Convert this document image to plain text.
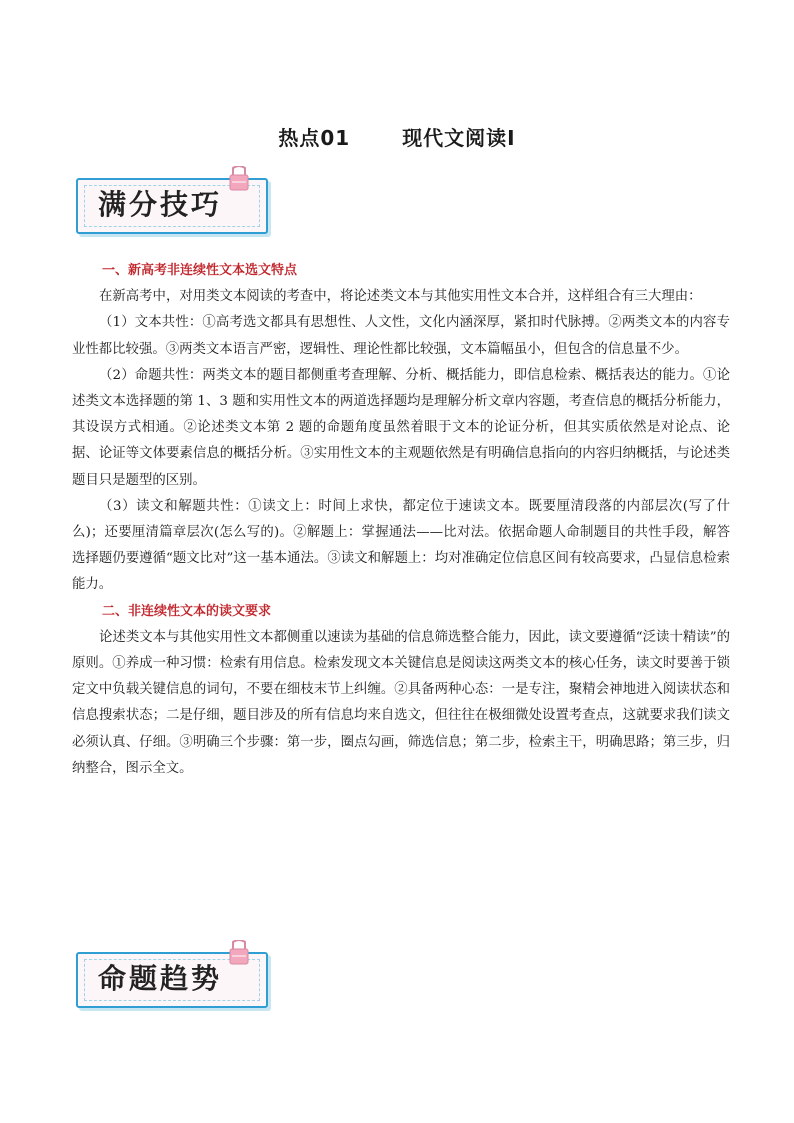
热点01	现代文阅读Ⅰ
满分技巧

一、新高考非连续性文本选文特点

在新高考中，对用类文本阅读的考查中，将论述类文本与其他实用性文本合并，这样组合有三大理由：

（1）文本共性：①高考选文都具有思想性、人文性，文化内涵深厚，紧扣时代脉搏。②两类文本的内容专业性都比较强。③两类文本语言严密，逻辑性、理论性都比较强，文本篇幅虽小，但包含的信息量不少。

（2）命题共性：两类文本的题目都侧重考查理解、分析、概括能力，即信息检索、概括表达的能力。①论述类文本选择题的第 1、3 题和实用性文本的两道选择题均是理解分析文章内容题，考查信息的概括分析能力，其设误方式相通。②论述类文本第 2 题的命题角度虽然着眼于文本的论证分析，但其实质依然是对论点、论据、论证等文体要素信息的概括分析。③实用性文本的主观题依然是有明确信息指向的内容归纳概括，与论述类题目只是题型的区别。

（3）读文和解题共性：①读文上：时间上求快，都定位于速读文本。既要厘清段落的内部层次(写了什么)；还要厘清篇章层次(怎么写的)。②解题上：掌握通法——比对法。依据命题人命制题目的共性手段，解答选择题仍要遵循“题文比对”这一基本通法。③读文和解题上：均对准确定位信息区间有较高要求，凸显信息检索能力。

二、非连续性文本的读文要求

论述类文本与其他实用性文本都侧重以速读为基础的信息筛选整合能力，因此，读文要遵循“泛读十精读”的原则。①养成一种习惯：检索有用信息。检索发现文本关键信息是阅读这两类文本的核心任务，读文时要善于锁定文中负载关键信息的词句，不要在细枝末节上纠缠。②具备两种心态：一是专注，聚精会神地进入阅读状态和信息搜索状态；二是仔细，题目涉及的所有信息均来自选文，但往往在极细微处设置考查点，这就要求我们读文必须认真、仔细。③明确三个步骤：第一步，圈点勾画，筛选信息；第二步，检索主干，明确思路；第三步，归纳整合，图示全文。

命题趋势
